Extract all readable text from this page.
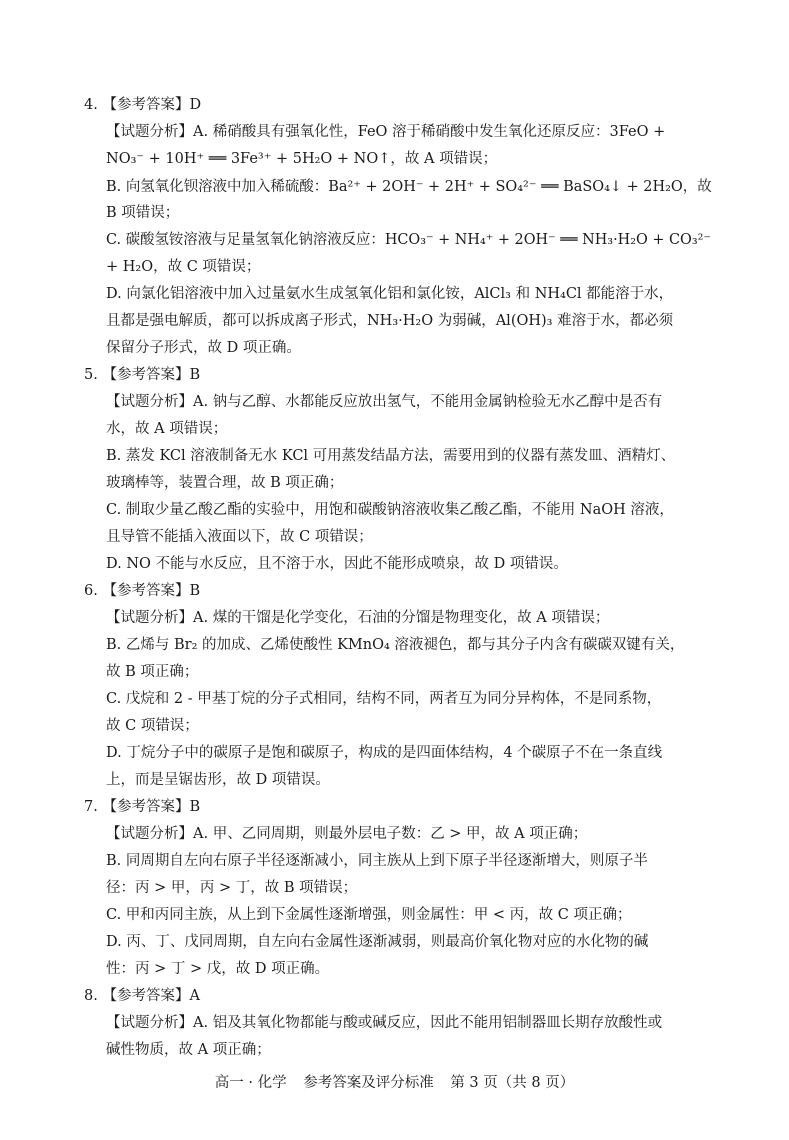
4. 【参考答案】D
【试题分析】A. 稀硝酸具有强氧化性，FeO 溶于稀硝酸中发生氧化还原反应：3FeO +
NO₃⁻ + 10H⁺ ══ 3Fe³⁺ + 5H₂O + NO↑，故 A 项错误；
B. 向氢氧化钡溶液中加入稀硫酸：Ba²⁺ + 2OH⁻ + 2H⁺ + SO₄²⁻ ══ BaSO₄↓ + 2H₂O，故
B 项错误；
C. 碳酸氢铵溶液与足量氢氧化钠溶液反应：HCO₃⁻ + NH₄⁺ + 2OH⁻ ══ NH₃·H₂O + CO₃²⁻
+ H₂O，故 C 项错误；
D. 向氯化铝溶液中加入过量氨水生成氢氧化铝和氯化铵，AlCl₃ 和 NH₄Cl 都能溶于水，
且都是强电解质，都可以拆成离子形式，NH₃·H₂O 为弱碱，Al(OH)₃ 难溶于水，都必须
保留分子形式，故 D 项正确。
5. 【参考答案】B
【试题分析】A. 钠与乙醇、水都能反应放出氢气，不能用金属钠检验无水乙醇中是否有
水，故 A 项错误；
B. 蒸发 KCl 溶液制备无水 KCl 可用蒸发结晶方法，需要用到的仪器有蒸发皿、酒精灯、
玻璃棒等，装置合理，故 B 项正确；
C. 制取少量乙酸乙酯的实验中，用饱和碳酸钠溶液收集乙酸乙酯，不能用 NaOH 溶液，
且导管不能插入液面以下，故 C 项错误；
D. NO 不能与水反应，且不溶于水，因此不能形成喷泉，故 D 项错误。
6. 【参考答案】B
【试题分析】A. 煤的干馏是化学变化，石油的分馏是物理变化，故 A 项错误；
B. 乙烯与 Br₂ 的加成、乙烯使酸性 KMnO₄ 溶液褪色，都与其分子内含有碳碳双键有关，
故 B 项正确；
C. 戊烷和 2 - 甲基丁烷的分子式相同，结构不同，两者互为同分异构体，不是同系物，
故 C 项错误；
D. 丁烷分子中的碳原子是饱和碳原子，构成的是四面体结构，4 个碳原子不在一条直线
上，而是呈锯齿形，故 D 项错误。
7. 【参考答案】B
【试题分析】A. 甲、乙同周期，则最外层电子数：乙 > 甲，故 A 项正确；
B. 同周期自左向右原子半径逐渐减小，同主族从上到下原子半径逐渐增大，则原子半
径：丙 > 甲，丙 > 丁，故 B 项错误；
C. 甲和丙同主族，从上到下金属性逐渐增强，则金属性：甲 < 丙，故 C 项正确；
D. 丙、丁、戊同周期，自左向右金属性逐渐减弱，则最高价氧化物对应的水化物的碱
性：丙 > 丁 > 戊，故 D 项正确。
8. 【参考答案】A
【试题分析】A. 铝及其氧化物都能与酸或碱反应，因此不能用铝制器皿长期存放酸性或
碱性物质，故 A 项正确；
高一 · 化学 参考答案及评分标准 第 3 页（共 8 页）
